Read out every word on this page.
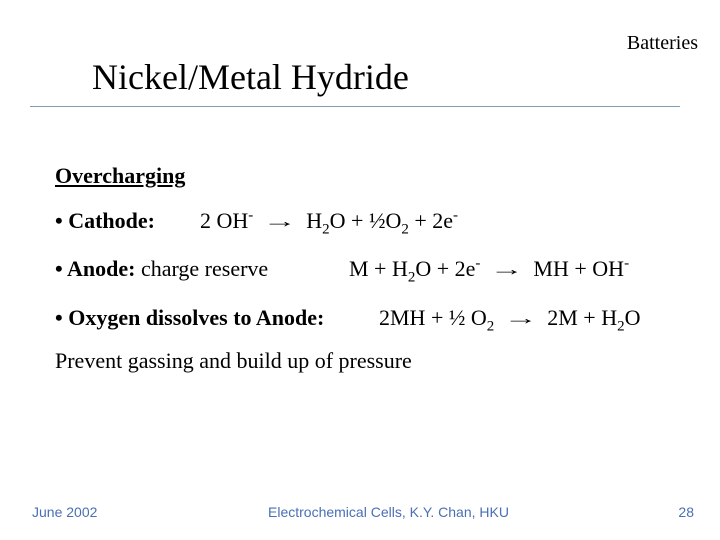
Batteries
Nickel/Metal Hydride
Overcharging
• Cathode: 2 $OH^- \to H_2O$ + $\frac{1}{2}O_2 + 2e^-$
• Anode: charge reserve	$M + H_2O + 2e^-$ → MH + OH-
• Oxygen dissolves to Anode: 2MH + ½ $O_2 \to 2M + H_2O$
Prevent gassing and build up of pressure
June 2002	Electrochemical Cells, K.Y. Chan, HKU	28
